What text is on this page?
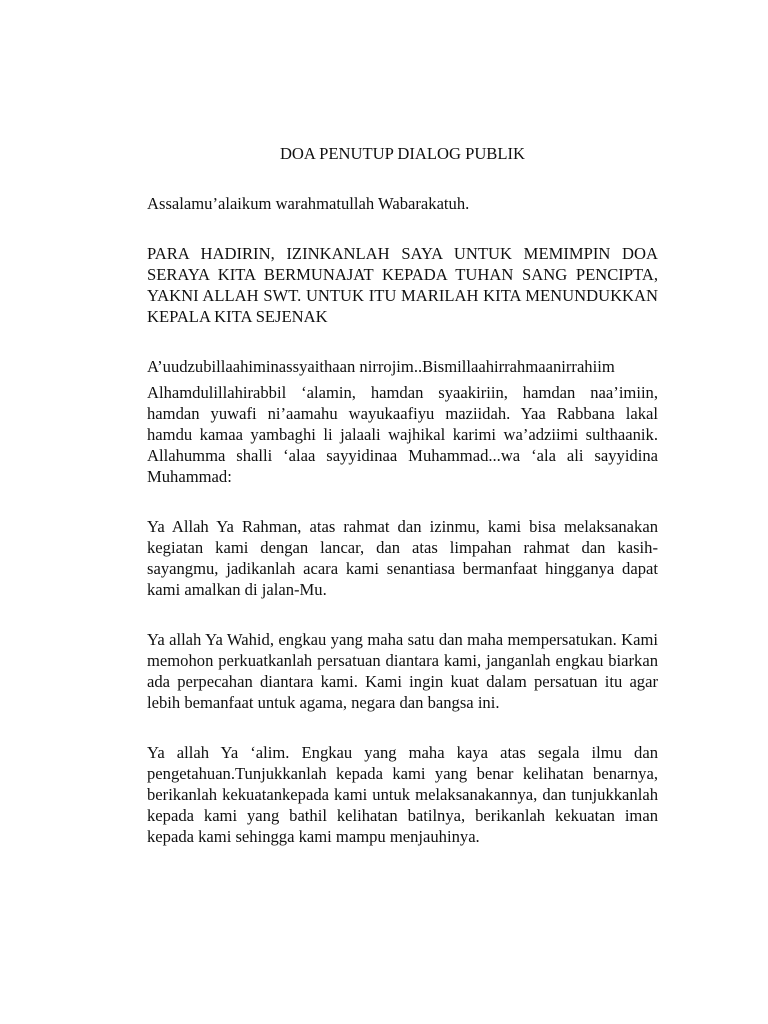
DOA PENUTUP DIALOG PUBLIK

Assalamu’alaikum warahmatullah Wabarakatuh.

PARA HADIRIN, IZINKANLAH SAYA UNTUK MEMIMPIN DOA SERAYA KITA BERMUNAJAT KEPADA TUHAN SANG PENCIPTA, YAKNI ALLAH SWT. UNTUK ITU MARILAH KITA MENUNDUKKAN KEPALA KITA SEJENAK

A’uudzubillaahiminassyaithaan nirrojim..Bismillaahirrahmaanirrahiim

Alhamdulillahirabbil ‘alamin, hamdan syaakiriin, hamdan naa’imiin, hamdan yuwafi ni’aamahu wayukaafiyu maziidah. Yaa Rabbana lakal hamdu kamaa yambaghi li jalaali wajhikal karimi wa’adziimi sulthaanik. Allahumma shalli ‘alaa sayyidinaa Muhammad...wa ‘ala ali sayyidina Muhammad:

Ya Allah Ya Rahman, atas rahmat dan izinmu, kami bisa melaksanakan kegiatan kami dengan lancar, dan atas limpahan rahmat dan kasih-sayangmu, jadikanlah acara kami senantiasa bermanfaat hingganya dapat kami amalkan di jalan-Mu.

Ya allah Ya Wahid, engkau yang maha satu dan maha mempersatukan. Kami memohon perkuatkanlah persatuan diantara kami, janganlah engkau biarkan ada perpecahan diantara kami. Kami ingin kuat dalam persatuan itu agar lebih bemanfaat untuk agama, negara dan bangsa ini.

Ya allah Ya ‘alim. Engkau yang maha kaya atas segala ilmu dan pengetahuan.Tunjukkanlah kepada kami yang benar kelihatan benarnya, berikanlah kekuatankepada kami untuk melaksanakannya, dan tunjukkanlah kepada kami yang bathil kelihatan batilnya, berikanlah kekuatan iman kepada kami sehingga kami mampu menjauhinya.
